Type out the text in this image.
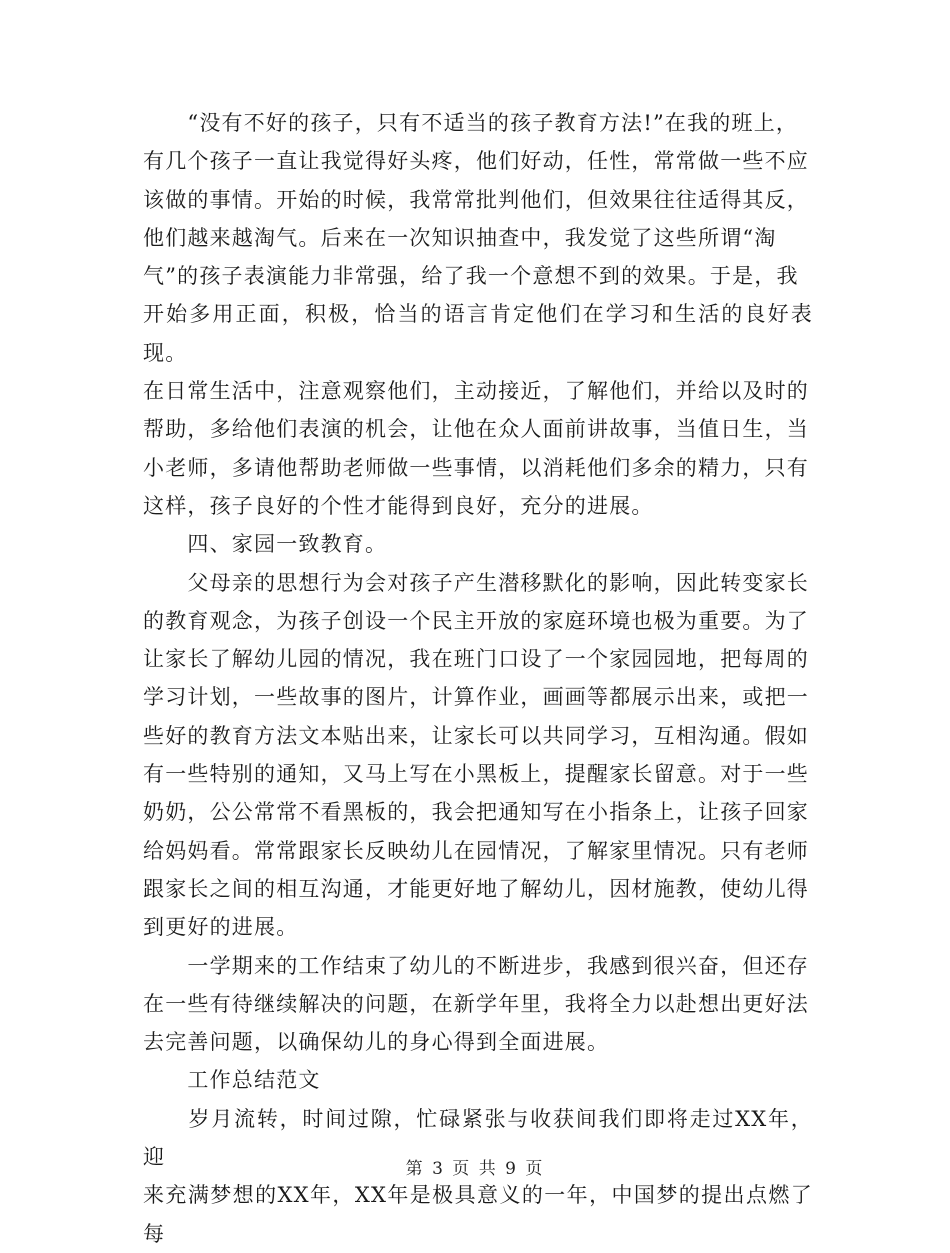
　　“没有不好的孩子，只有不适当的孩子教育方法!”在我的班上，

有几个孩子一直让我觉得好头疼，他们好动，任性，常常做一些不应

该做的事情。开始的时候，我常常批判他们，但效果往往适得其反，

他们越来越淘气。后来在一次知识抽查中，我发觉了这些所谓“淘

气”的孩子表演能力非常强，给了我一个意想不到的效果。于是，我

开始多用正面，积极，恰当的语言肯定他们在学习和生活的良好表现。

在日常生活中，注意观察他们，主动接近，了解他们，并给以及时的

帮助，多给他们表演的机会，让他在众人面前讲故事，当值日生，当

小老师，多请他帮助老师做一些事情，以消耗他们多余的精力，只有

这样，孩子良好的个性才能得到良好，充分的进展。

　　四、家园一致教育。

　　父母亲的思想行为会对孩子产生潜移默化的影响，因此转变家长

的教育观念，为孩子创设一个民主开放的家庭环境也极为重要。为了

让家长了解幼儿园的情况，我在班门口设了一个家园园地，把每周的

学习计划，一些故事的图片，计算作业，画画等都展示出来，或把一

些好的教育方法文本贴出来，让家长可以共同学习，互相沟通。假如

有一些特别的通知，又马上写在小黑板上，提醒家长留意。对于一些

奶奶，公公常常不看黑板的，我会把通知写在小指条上，让孩子回家

给妈妈看。常常跟家长反映幼儿在园情况，了解家里情况。只有老师

跟家长之间的相互沟通，才能更好地了解幼儿，因材施教，使幼儿得

到更好的进展。

　　一学期来的工作结束了幼儿的不断进步，我感到很兴奋，但还存

在一些有待继续解决的问题，在新学年里，我将全力以赴想出更好法

去完善问题，以确保幼儿的身心得到全面进展。

　　工作总结范文

　　岁月流转，时间过隙，忙碌紧张与收获间我们即将走过XX年，迎

来充满梦想的XX年，XX年是极具意义的一年，中国梦的提出点燃了每

第 3 页 共 9 页
